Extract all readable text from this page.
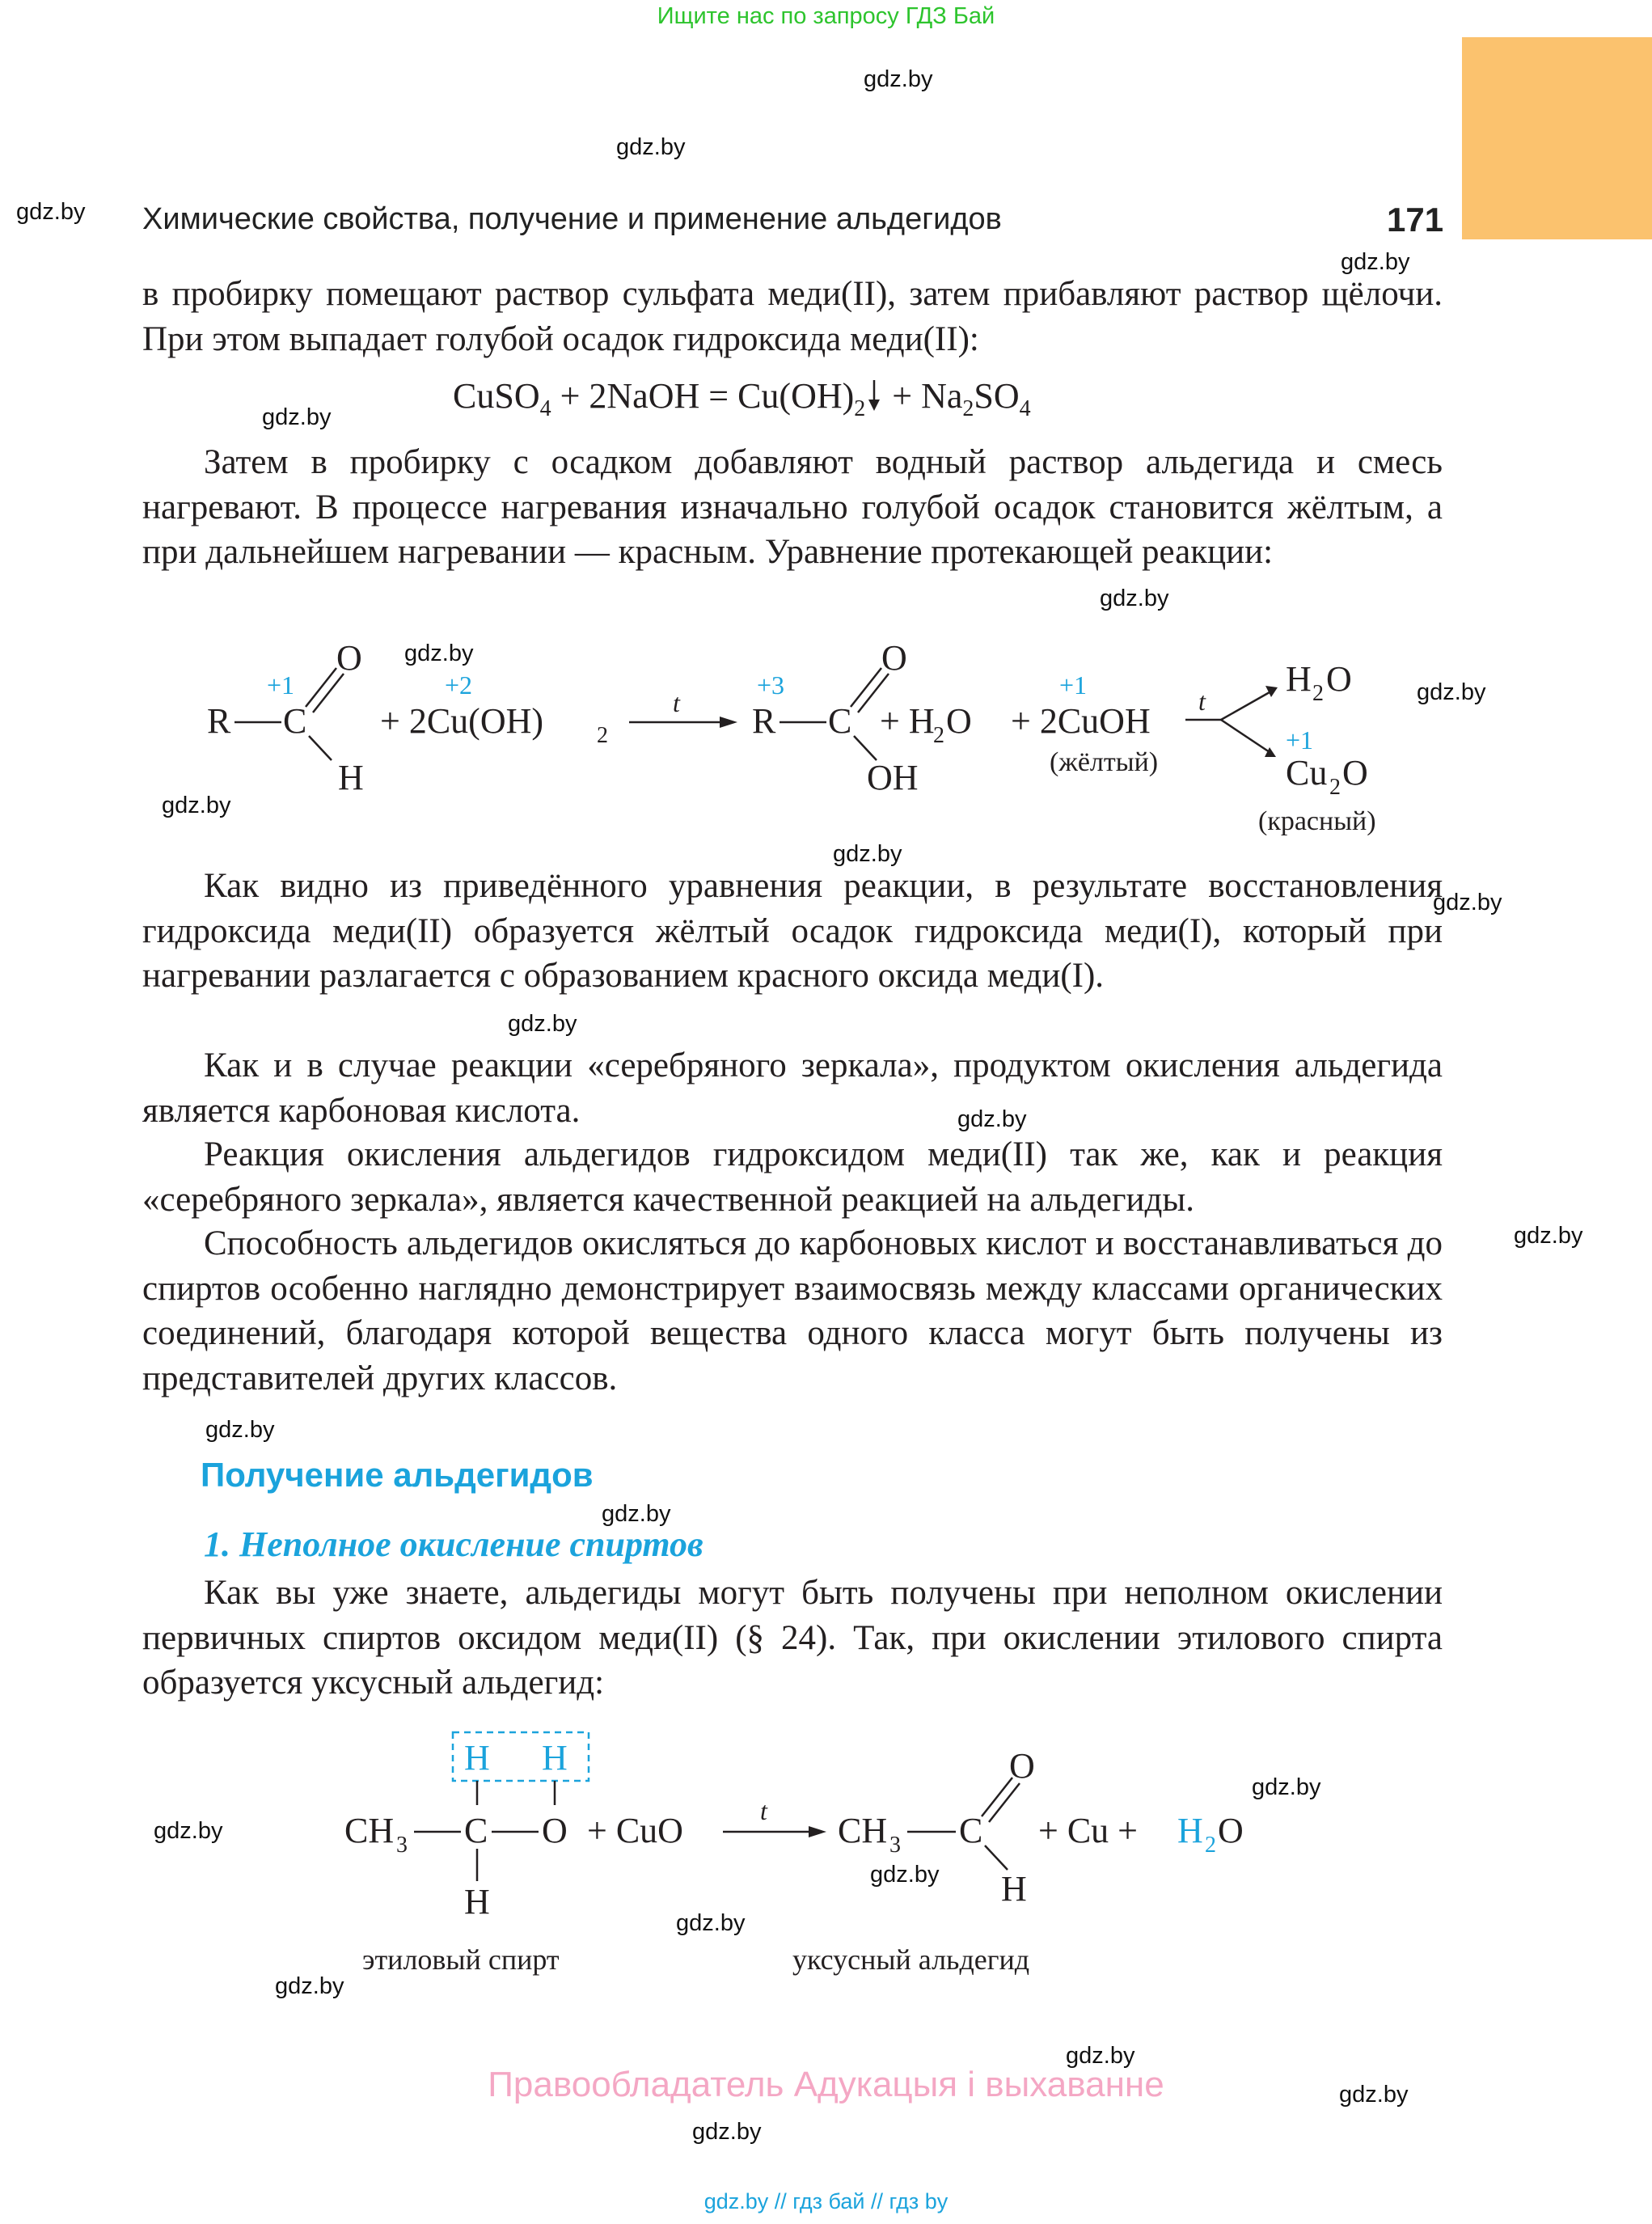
Ищите нас по запросу ГДЗ Бай
gdz.by
gdz.by
gdz.by
gdz.by
gdz.by
gdz.by
gdz.by
gdz.by
gdz.by
gdz.by
gdz.by
gdz.by
gdz.by
gdz.by
gdz.by
gdz.by
gdz.by
gdz.by
gdz.by
gdz.by
gdz.by
gdz.by
gdz.by
gdz.by
Химические свойства, получение и применение альдегидов	171
в пробирку помещают раствор сульфата меди(II), затем прибавляют раствор щёлочи. При этом выпадает голубой осадок гидроксида меди(II):
CuSO$_4$ + 2NaOH = $Cu(OH)_2 + Na_2SO_4$
Затем в пробирку с осадком добавляют водный раствор альдегида и смесь нагревают. В процессе нагревания изначально голубой осадок становится жёлтым, а при дальнейшем нагревании — красным. Уравнение протекающей реакции:
R C
+1
O
H
+ 2Cu(OH) 2
+2
t R C
+3
O
OH
+ H
2 O + 2CuOH
+1
(жёлтый)
t
H 2 O
+1
Cu 2 O
(красный)
Как видно из приведённого уравнения реакции, в результате восстановления гидроксида меди(II) образуется жёлтый осадок гидроксида меди(I), который при нагревании разлагается с образованием красного оксида меди(I).
Как и в случае реакции «серебряного зеркала», продуктом окисления альдегида является карбоновая кислота.
Реакция окисления альдегидов гидроксидом меди(II) так же, как и реакция «серебряного зеркала», является качественной реакцией на альдегиды.
Способность альдегидов окисляться до карбоновых кислот и восстанавливаться до спиртов особенно наглядно демонстрирует взаимосвязь между классами органических соединений, благодаря которой вещества одного класса могут быть получены из представителей других классов.
Получение альдегидов
1. Неполное окисление спиртов
Как вы уже знаете, альдегиды могут быть получены при неполном окислении первичных спиртов оксидом меди(II) (§ 24). Так, при окислении этилового спирта образуется уксусный альдегид:
H H
CH 3 C O
H
+ CuO	t CH 3 C
O
H
+ Cu + H 2 O
этиловый спирт	уксусный альдегид
Правообладатель Адукацыя і выхаванне
gdz.by // гдз бай // гдз by
